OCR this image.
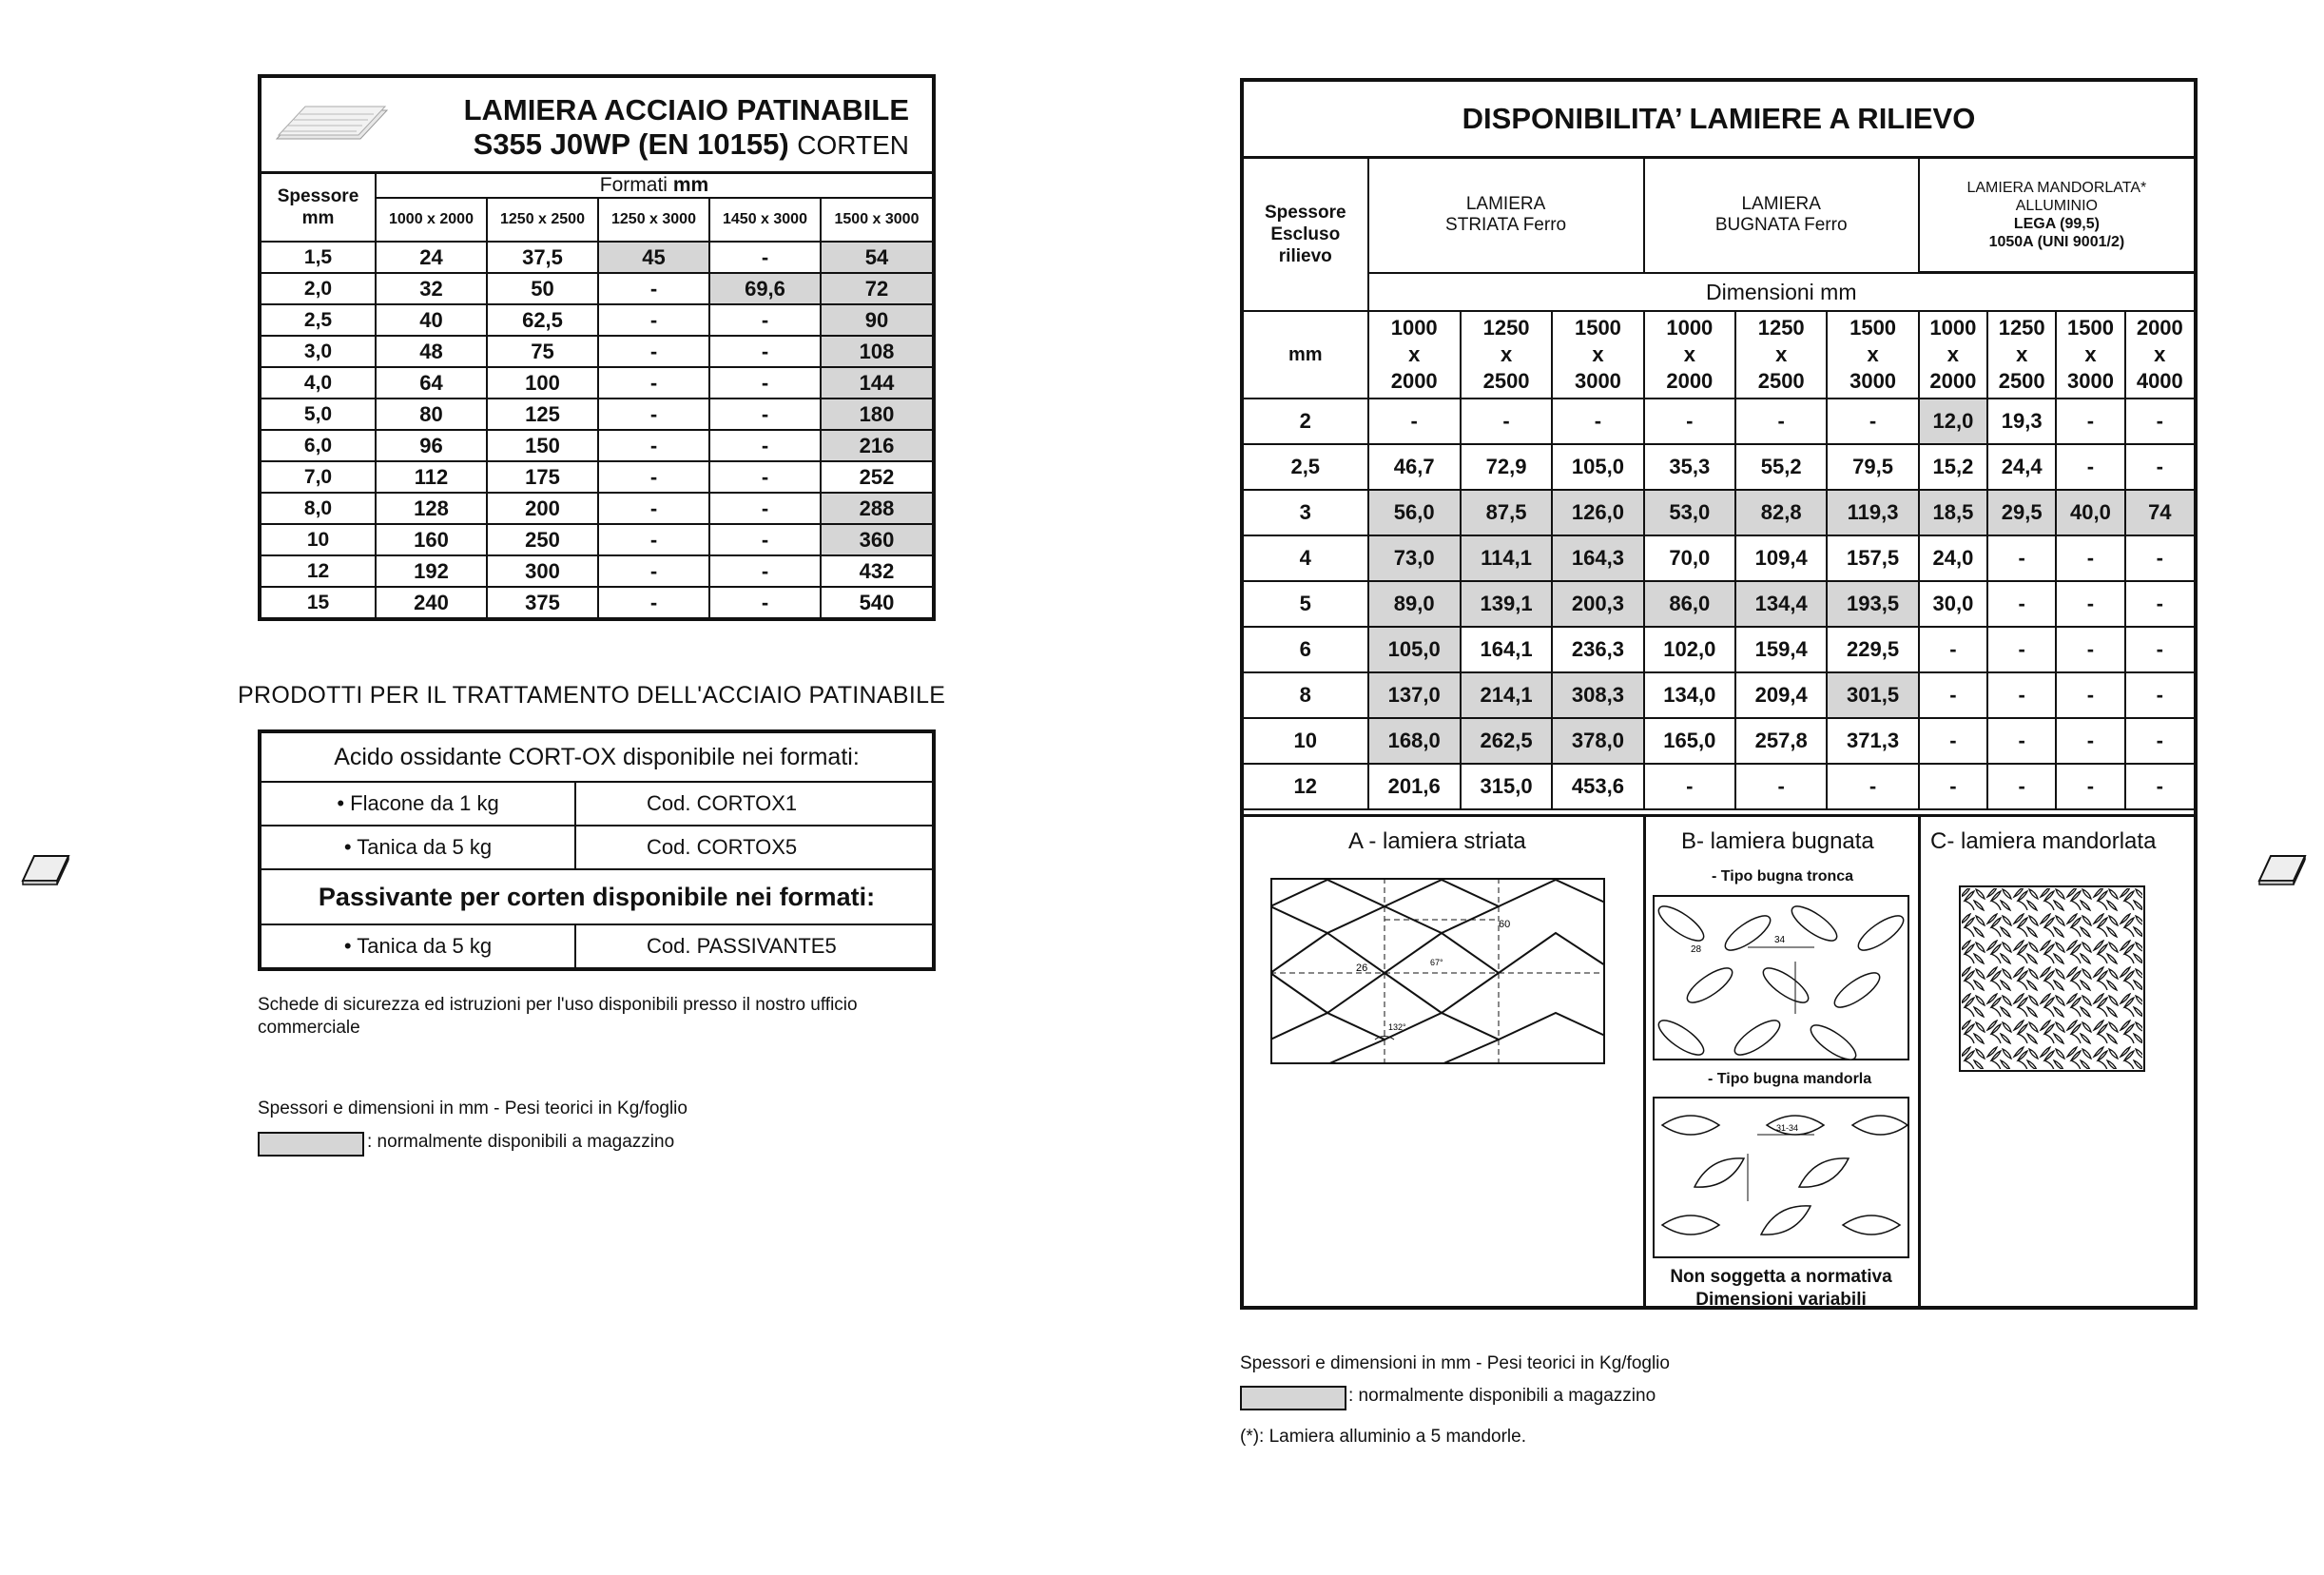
LAMIERA ACCIAIO PATINABILE
S355 J0WP (EN 10155) CORTEN
Spessore
mm	Formati mm				
	1000 x 2000	1250 x 2500	1250 x 3000	1450 x 3000	1500 x 3000
1,5	24	37,5	45	-	54
2,0	32	50	-	69,6	72
2,5	40	62,5	-	-	90
3,0	48	75	-	-	108
4,0	64	100	-	-	144
5,0	80	125	-	-	180
6,0	96	150	-	-	216
7,0	112	175	-	-	252
8,0	128	200	-	-	288
10	160	250	-	-	360
12	192	300	-	-	432
15	240	375	-	-	540
PRODOTTI PER IL TRATTAMENTO DELL'ACCIAIO PATINABILE
Acido ossidante CORT-OX disponibile nei formati:	
• Flacone da 1 kg	Cod. CORTOX1
• Tanica da 5 kg	Cod. CORTOX5
Passivante per corten disponibile nei formati:	
• Tanica da 5 kg	Cod. PASSIVANTE5
Schede di sicurezza ed istruzioni per l'uso disponibili presso il nostro ufficio commerciale
Spessori e dimensioni in mm - Pesi teorici in Kg/foglio
: normalmente disponibili a magazzino
DISPONIBILITA’ LAMIERE A RILIEVO
Spessore
Escluso
rilievo	LAMIERA
STRIATA Ferro			LAMIERA
BUGNATA Ferro			LAMIERA MANDORLATA*
ALLUMINIO
LEGA (99,5)
1050A (UNI 9001/2)			
	Dimensioni mm									
mm	1000
x
2000	1250
x
2500	1500
x
3000	1000
x
2000	1250
x
2500	1500
x
3000	1000
x
2000	1250
x
2500	1500
x
3000	2000
x
4000
2	-	-	-	-	-	-	12,0	19,3	-	-
2,5	46,7	72,9	105,0	35,3	55,2	79,5	15,2	24,4	-	-
3	56,0	87,5	126,0	53,0	82,8	119,3	18,5	29,5	40,0	74
4	73,0	114,1	164,3	70,0	109,4	157,5	24,0	-	-	-
5	89,0	139,1	200,3	86,0	134,4	193,5	30,0	-	-	-
6	105,0	164,1	236,3	102,0	159,4	229,5	-	-	-	-
8	137,0	214,1	308,3	134,0	209,4	301,5	-	-	-	-
10	168,0	262,5	378,0	165,0	257,8	371,3	-	-	-	-
12	201,6	315,0	453,6	-	-	-	-	-	-	-
A - lamiera striata
60
26	67°
132°
B- lamiera bugnata
- Tipo bugna tronca
34
28
- Tipo bugna mandorla
31-34
Non soggetta a normativa
Dimensioni variabili
C- lamiera mandorlata
Spessori e dimensioni in mm - Pesi teorici in Kg/foglio
: normalmente disponibili a magazzino
(*): Lamiera alluminio a 5 mandorle.
